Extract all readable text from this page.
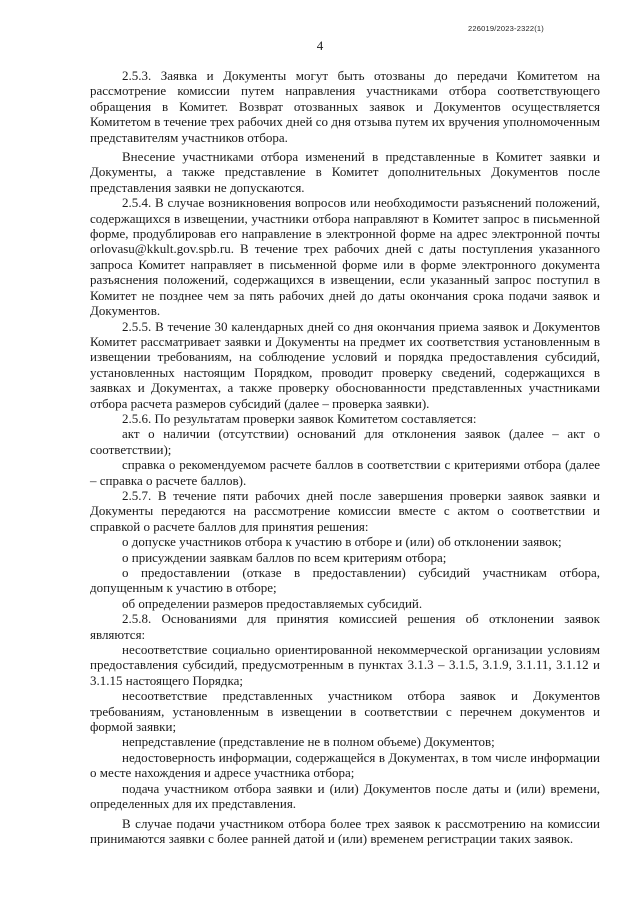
226019/2023-2322(1)
4

2.5.3. Заявка и Документы могут быть отозваны до передачи Комитетом на рассмотрение комиссии путем направления участниками отбора соответствующего обращения в Комитет. Возврат отозванных заявок и Документов осуществляется Комитетом в течение трех рабочих дней со дня отзыва путем их вручения уполномоченным представителям участников отбора.

Внесение участниками отбора изменений в представленные в Комитет заявки и Документы, а также представление в Комитет дополнительных Документов после представления заявки не допускаются.

2.5.4. В случае возникновения вопросов или необходимости разъяснений положений, содержащихся в извещении, участники отбора направляют в Комитет запрос в письменной форме, продублировав его направление в электронной форме на адрес электронной почты orlovasu@kkult.gov.spb.ru. В течение трех рабочих дней с даты поступления указанного запроса Комитет направляет в письменной форме или в форме электронного документа разъяснения положений, содержащихся в извещении, если указанный запрос поступил в Комитет не позднее чем за пять рабочих дней до даты окончания срока подачи заявок и Документов.

2.5.5. В течение 30 календарных дней со дня окончания приема заявок и Документов Комитет рассматривает заявки и Документы на предмет их соответствия установленным в извещении требованиям, на соблюдение условий и порядка предоставления субсидий, установленных настоящим Порядком, проводит проверку сведений, содержащихся в заявках и Документах, а также проверку обоснованности представленных участниками отбора расчета размеров субсидий (далее – проверка заявки).

2.5.6. По результатам проверки заявок Комитетом составляется:

акт о наличии (отсутствии) оснований для отклонения заявок (далее – акт о соответствии);

справка о рекомендуемом расчете баллов в соответствии с критериями отбора (далее – справка о расчете баллов).

2.5.7. В течение пяти рабочих дней после завершения проверки заявок заявки и Документы передаются на рассмотрение комиссии вместе с актом о соответствии и справкой о расчете баллов для принятия решения:

о допуске участников отбора к участию в отборе и (или) об отклонении заявок;

о присуждении заявкам баллов по всем критериям отбора;

о предоставлении (отказе в предоставлении) субсидий участникам отбора, допущенным к участию в отборе;

об определении размеров предоставляемых субсидий.

2.5.8. Основаниями для принятия комиссией решения об отклонении заявок являются:

несоответствие социально ориентированной некоммерческой организации условиям предоставления субсидий, предусмотренным в пунктах 3.1.3 – 3.1.5, 3.1.9, 3.1.11, 3.1.12 и 3.1.15 настоящего Порядка;

несоответствие представленных участником отбора заявок и Документов требованиям, установленным в извещении в соответствии с перечнем документов и формой заявки;

непредставление (представление не в полном объеме) Документов;

недостоверность информации, содержащейся в Документах, в том числе информации о месте нахождения и адресе участника отбора;

подача участником отбора заявки и (или) Документов после даты и (или) времени, определенных для их представления.

В случае подачи участником отбора более трех заявок к рассмотрению на комиссии принимаются заявки с более ранней датой и (или) временем регистрации таких заявок.
